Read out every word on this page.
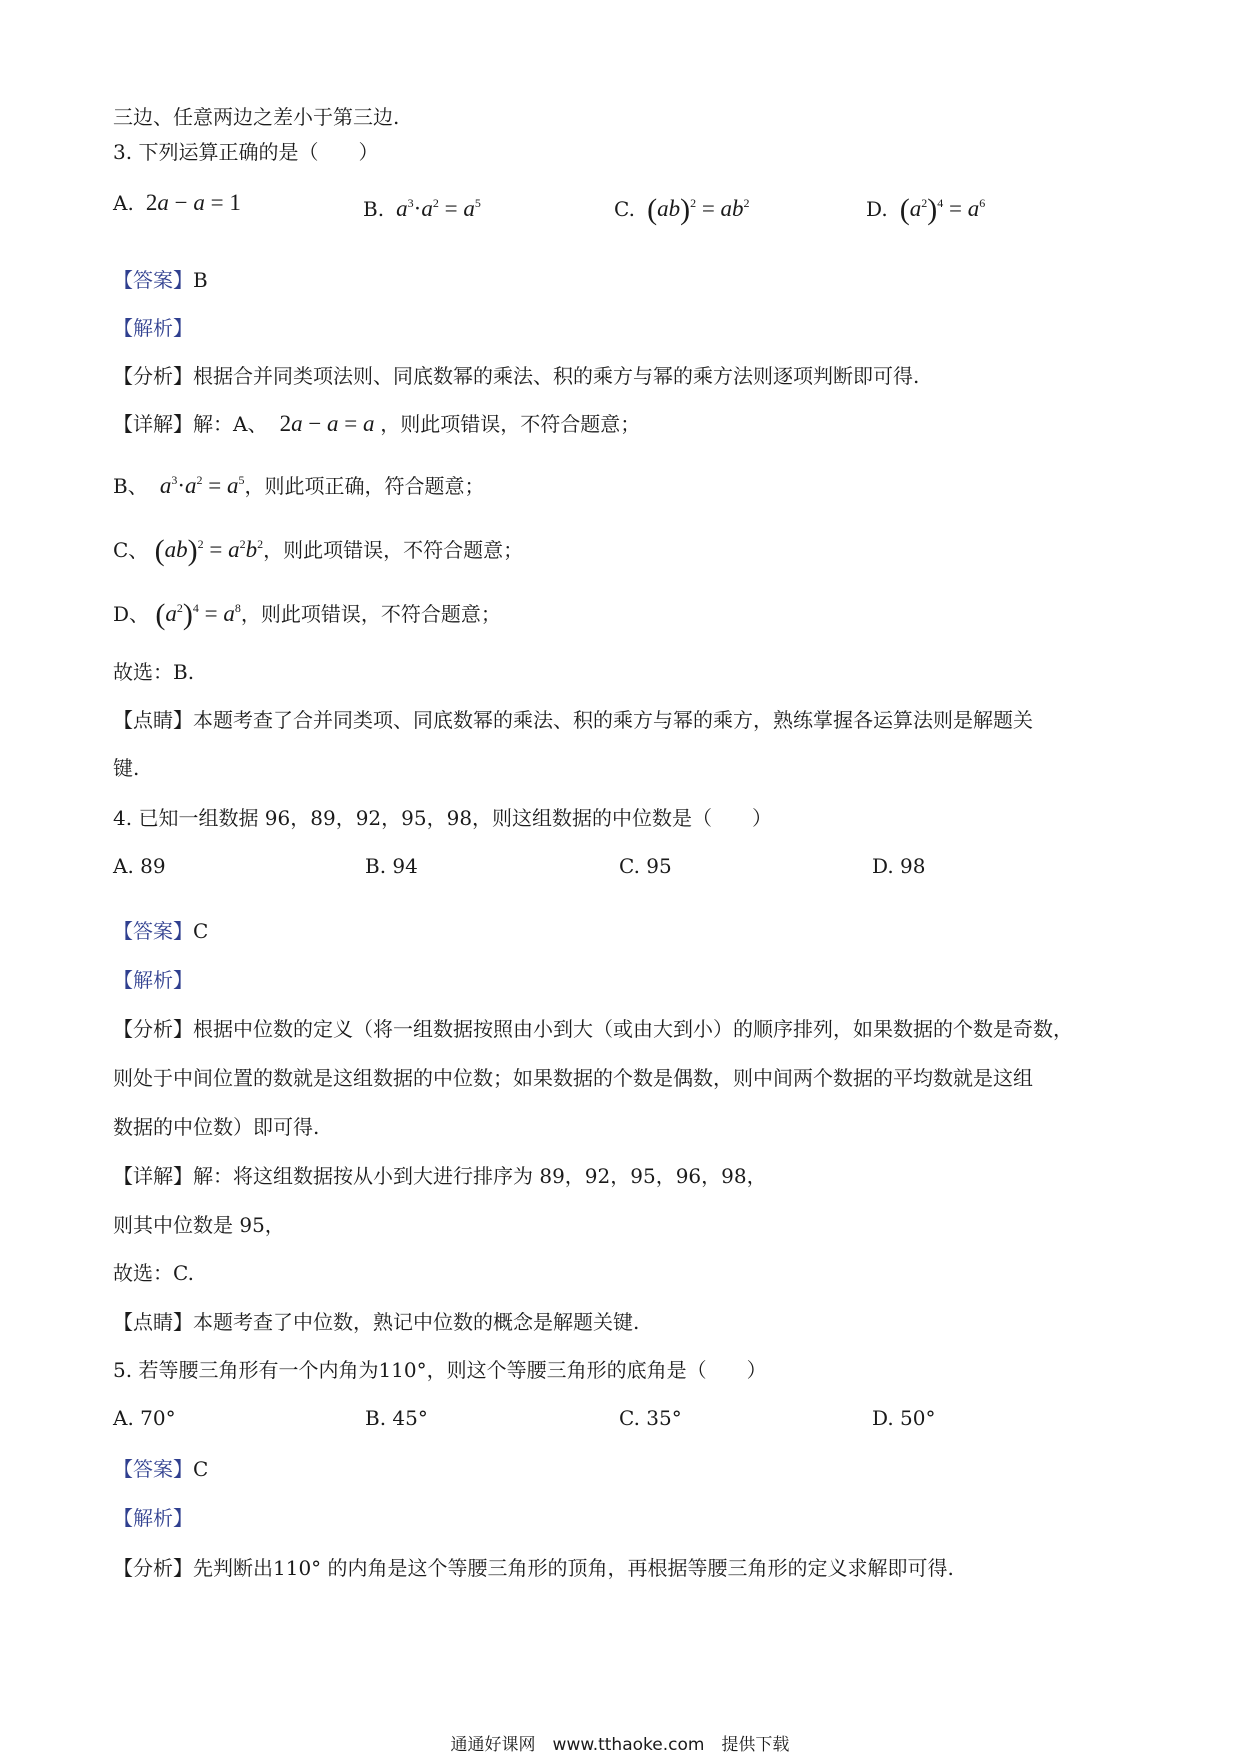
三边、任意两边之差小于第三边.
3. 下列运算正确的是（　　）
A.  2a − a = 1	B.  $a^3\cdot a^2 = a^5$	C. $(ab)^2 = ab^2$	D. $(a^2)^4 = a^6$
【答案】B
【解析】
【分析】根据合并同类项法则、同底数幂的乘法、积的乘方与幂的乘方法则逐项判断即可得.
【详解】解：A、  2a − a = a ，则此项错误，不符合题意；
B、  $a^3\cdot a^2 = a^5$，则此项正确，符合题意；
C、 $(ab)^2 = a^2b^2$，则此项错误，不符合题意；
D、 $(a^2)^4 = a^8$，则此项错误，不符合题意；
故选：B.
【点睛】本题考查了合并同类项、同底数幂的乘法、积的乘方与幂的乘方，熟练掌握各运算法则是解题关
键.
4. 已知一组数据 96，89，92，95，98，则这组数据的中位数是（　　）
A. 89	B. 94	C. 95	D. 98
【答案】C
【解析】
【分析】根据中位数的定义（将一组数据按照由小到大（或由大到小）的顺序排列，如果数据的个数是奇数，
则处于中间位置的数就是这组数据的中位数；如果数据的个数是偶数，则中间两个数据的平均数就是这组
数据的中位数）即可得.
【详解】解：将这组数据按从小到大进行排序为 89，92，95，96，98，
则其中位数是 95，
故选：C.
【点睛】本题考查了中位数，熟记中位数的概念是解题关键.
5. 若等腰三角形有一个内角为110°，则这个等腰三角形的底角是（　　）
A. 70°	B. 45°	C. 35°	D. 50°
【答案】C
【解析】
【分析】先判断出110° 的内角是这个等腰三角形的顶角，再根据等腰三角形的定义求解即可得.
通通好课网　www.tthaoke.com　提供下载
